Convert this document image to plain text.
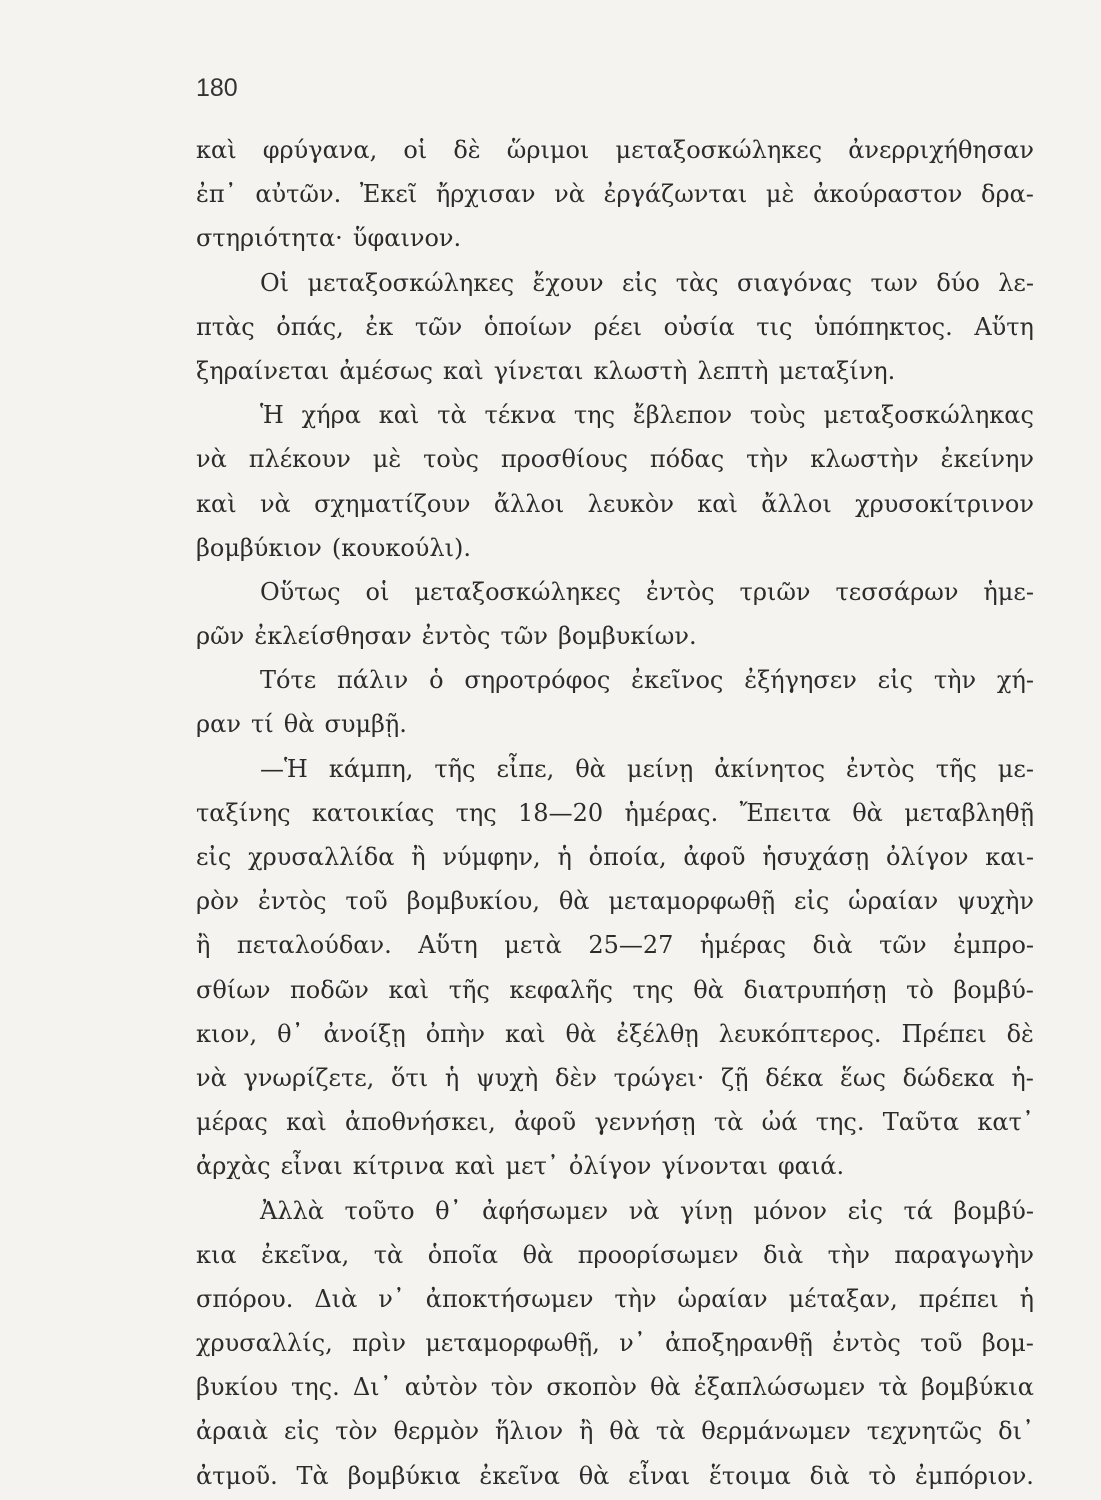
180
καὶ φρύγανα, οἱ δὲ ὥριμοι μεταξοσκώληκες ἀνερριχήθησαν
ἐπ᾿ αὐτῶν. Ἐκεῖ ἤρχισαν νὰ ἐργάζωνται μὲ ἀκούραστον δρα-
στηριότητα· ὕφαινον.
Οἱ μεταξοσκώληκες ἔχουν εἰς τὰς σιαγόνας των δύο λε-
πτὰς ὀπάς, ἐκ τῶν ὁποίων ρέει οὐσία τις ὑπόπηκτος. Αὕτη
ξηραίνεται ἀμέσως καὶ γίνεται κλωστὴ λεπτὴ μεταξίνη.
Ἡ χήρα καὶ τὰ τέκνα της ἔβλεπον τοὺς μεταξοσκώληκας
νὰ πλέκουν μὲ τοὺς προσθίους πόδας τὴν κλωστὴν ἐκείνην
καὶ νὰ σχηματίζουν ἄλλοι λευκὸν καὶ ἄλλοι χρυσοκίτρινον
βομβύκιον (κουκούλι).
Οὕτως οἱ μεταξοσκώληκες ἐντὸς τριῶν τεσσάρων ἡμε-
ρῶν ἐκλείσθησαν ἐντὸς τῶν βομβυκίων.
Τότε πάλιν ὁ σηροτρόφος ἐκεῖνος ἐξήγησεν εἰς τὴν χή-
ραν τί θὰ συμβῇ.
—Ἡ κάμπη, τῆς εἶπε, θὰ μείνῃ ἀκίνητος ἐντὸς τῆς με-
ταξίνης κατοικίας της 18—20 ἡμέρας. Ἔπειτα θὰ μεταβληθῇ
εἰς χρυσαλλίδα ἢ νύμφην, ἡ ὁποία, ἀφοῦ ἡσυχάσῃ ὀλίγον και-
ρὸν ἐντὸς τοῦ βομβυκίου, θὰ μεταμορφωθῇ εἰς ὡραίαν ψυχὴν
ἢ πεταλούδαν. Αὕτη μετὰ 25—27 ἡμέρας διὰ τῶν ἐμπρο-
σθίων ποδῶν καὶ τῆς κεφαλῆς της θὰ διατρυπήσῃ τὸ βομβύ-
κιον, θ᾿ ἀνοίξῃ ὀπὴν καὶ θὰ ἐξέλθῃ λευκόπτερος. Πρέπει δὲ
νὰ γνωρίζετε, ὅτι ἡ ψυχὴ δὲν τρώγει· ζῇ δέκα ἕως δώδεκα ἡ-
μέρας καὶ ἀποθνήσκει, ἀφοῦ γεννήσῃ τὰ ὠά της. Ταῦτα κατ᾿
ἀρχὰς εἶναι κίτρινα καὶ μετ᾿ ὀλίγον γίνονται φαιά.
Ἀλλὰ τοῦτο θ᾿ ἀφήσωμεν νὰ γίνῃ μόνον εἰς τά βομβύ-
κια ἐκεῖνα, τὰ ὁποῖα θὰ προορίσωμεν διὰ τὴν παραγωγὴν
σπόρου. Διὰ ν᾿ ἀποκτήσωμεν τὴν ὡραίαν μέταξαν, πρέπει ἡ
χρυσαλλίς, πρὶν μεταμορφωθῇ, ν᾿ ἀποξηρανθῇ ἐντὸς τοῦ βομ-
βυκίου της. Δι᾿ αὐτὸν τὸν σκοπὸν θὰ ἐξαπλώσωμεν τὰ βομβύκια
ἀραιὰ εἰς τὸν θερμὸν ἥλιον ἢ θὰ τὰ θερμάνωμεν τεχνητῶς δι᾿
ἀτμοῦ. Τὰ βομβύκια ἐκεῖνα θὰ εἶναι ἕτοιμα διὰ τὸ ἐμπόριον.
